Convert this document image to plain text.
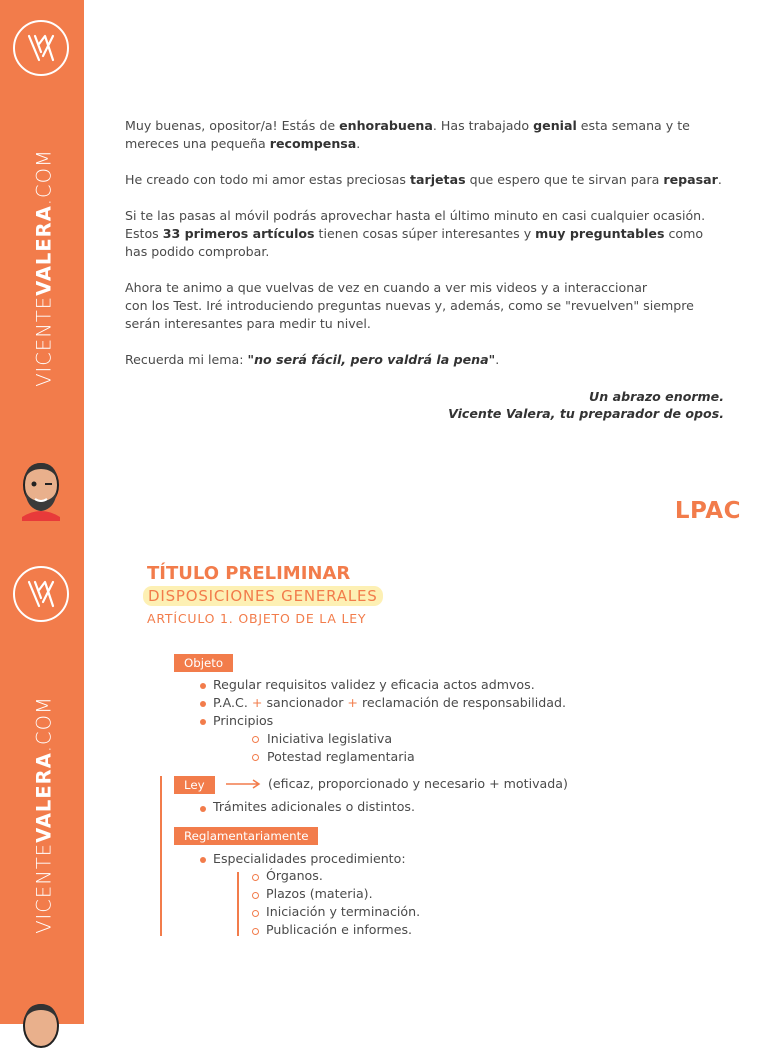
VICENTEVALERA.COM
VICENTEVALERA.COM

Muy buenas, opositor/a! Estás de enhorabuena. Has trabajado genial esta semana y te
mereces una pequeña recompensa.

He creado con todo mi amor estas preciosas tarjetas que espero que te sirvan para repasar.

Si te las pasas al móvil podrás aprovechar hasta el último minuto en casi cualquier ocasión.
Estos 33 primeros artículos tienen cosas súper interesantes y muy preguntables como
has podido comprobar.

Ahora te animo a que vuelvas de vez en cuando a ver mis videos y a interaccionar
con los Test. Iré introduciendo preguntas nuevas y, además, como se "revuelven" siempre
serán interesantes para medir tu nivel.

Recuerda mi lema: "no será fácil, pero valdrá la pena".

Un abrazo enorme.
Vicente Valera, tu preparador de opos.
LPAC
TÍTULO PRELIMINAR
DISPOSICIONES GENERALES
ARTÍCULO 1. OBJETO DE LA LEY
Objeto
Regular requisitos validez y eficacia actos admvos.
P.A.C. + sancionador + reclamación de responsabilidad.
Principios
Iniciativa legislativa
Potestad reglamentaria
Ley	(eficaz, proporcionado y necesario + motivada)
Trámites adicionales o distintos.
Reglamentariamente
Especialidades procedimiento:
Órganos.
Plazos (materia).
Iniciación y terminación.
Publicación e informes.
